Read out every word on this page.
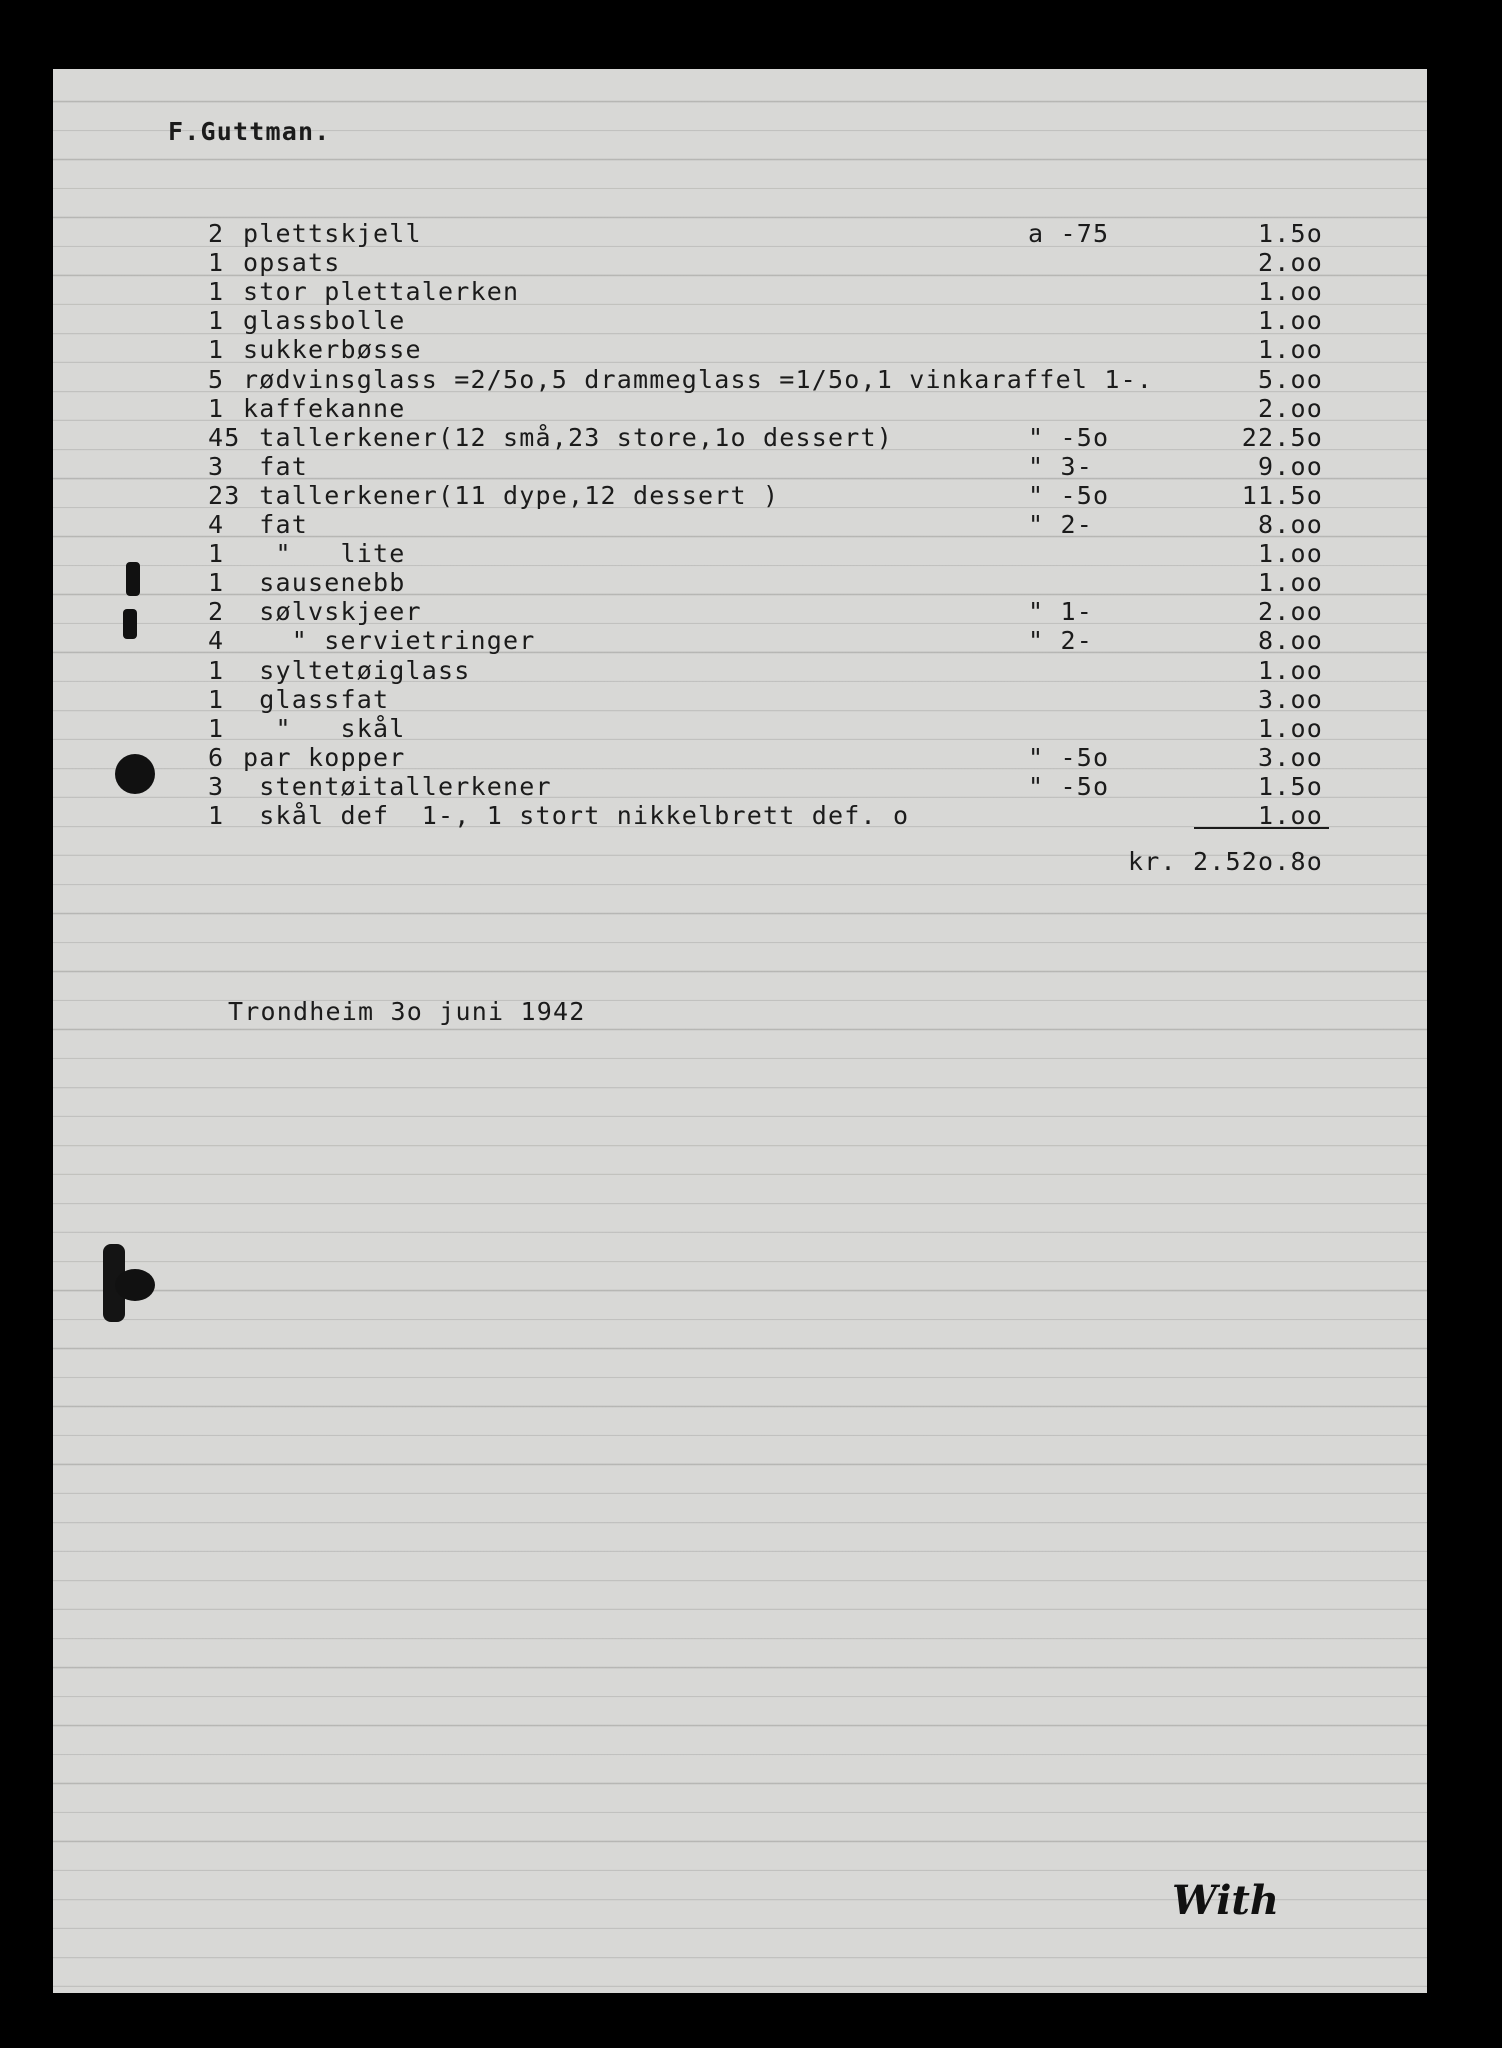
F.Guttman.
2 plettskjell	a -75	1.5o
1 opsats	2.oo
1 stor plettalerken	1.oo
1 glassbolle	1.oo
1 sukkerbøsse	1.oo
5 rødvinsglass =2/5o,5 drammeglass =1/5o,1 vinkaraffel 1-.	5.oo
1 kaffekanne	2.oo
45 tallerkener(12 små,23 store,1o dessert)	" -5o	22.5o
3 fat	" 3-	9.oo
23 tallerkener(11 dype,12 dessert )	" -5o	11.5o
4 fat	" 2-	8.oo
1 "   lite	1.oo
1 sausenebb	1.oo
2 sølvskjeer	" 1-	2.oo
4 " servietringer	" 2-	8.oo
1 syltetøiglass	1.oo
1 glassfat	3.oo
1 "   skål	1.oo
6 par kopper	" -5o	3.oo
3 stentøitallerkener	" -5o	1.5o
1 skål def  1-, 1 stort nikkelbrett def. o	1.oo
kr. 2.52o.8o
Trondheim 3o juni 1942
With
